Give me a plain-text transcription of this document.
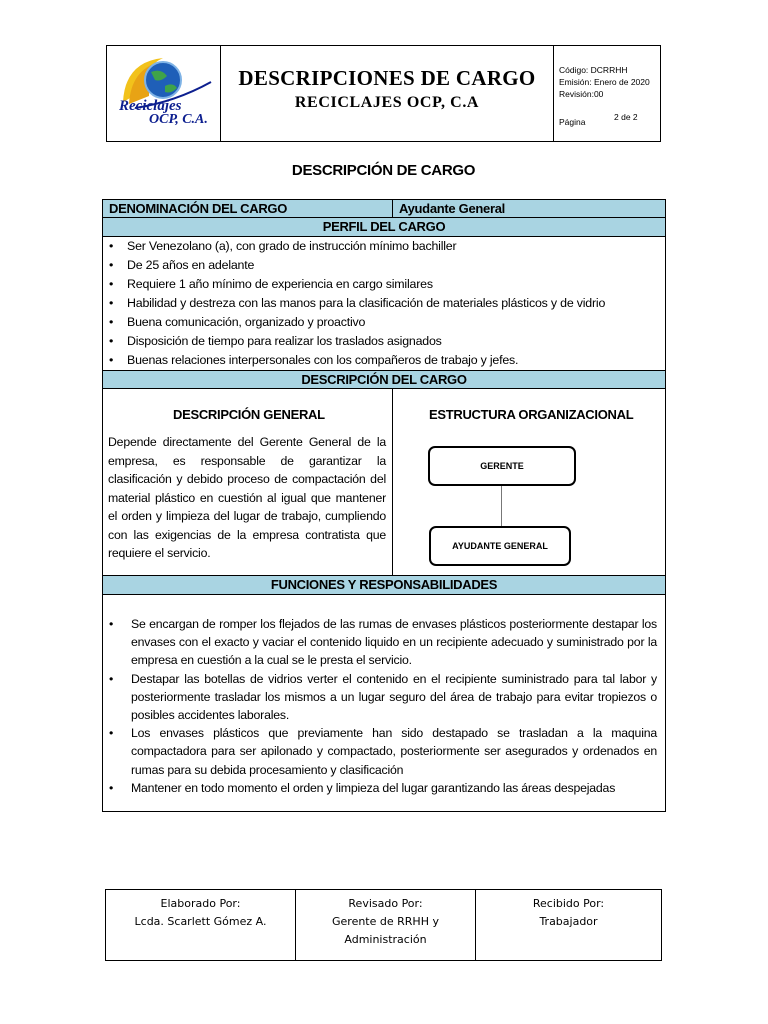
Reciclajes
OCP, C.A.
DESCRIPCIONES DE CARGO
RECICLAJES OCP, C.A
Código: DCRRHH
Emisión: Enero de 2020
Revisión:00
Página	2 de 2
DESCRIPCIÓN DE CARGO
DENOMINACIÓN DEL CARGO	Ayudante General
PERFIL DEL CARGO
• Ser Venezolano (a), con grado de instrucción mínimo bachiller
• De 25 años en adelante
• Requiere 1 año mínimo de experiencia en cargo similares
• Habilidad y destreza con las manos para la clasificación de materiales plásticos y de vidrio
• Buena comunicación, organizado y proactivo
• Disposición de tiempo para realizar los traslados asignados
• Buenas relaciones interpersonales con los compañeros de trabajo y jefes.
DESCRIPCIÓN DEL CARGO
DESCRIPCIÓN GENERAL
Depende directamente del Gerente General de la empresa, es responsable de garantizar la clasificación y debido proceso de compactación del material plástico en cuestión al igual que mantener el orden y limpieza del lugar de trabajo, cumpliendo con las exigencias de la empresa contratista que requiere el servicio.
ESTRUCTURA ORGANIZACIONAL
GERENTE
AYUDANTE GENERAL
FUNCIONES Y RESPONSABILIDADES
• Se encargan de romper los flejados de las rumas de envases plásticos posteriormente destapar los envases con el exacto y vaciar el contenido liquido en un recipiente adecuado y suministrado por la empresa en cuestión a la cual se le presta el servicio.
• Destapar las botellas de vidrios verter el contenido en el recipiente suministrado para tal labor y posteriormente trasladar los mismos a un lugar seguro del área de trabajo para evitar tropiezos o posibles accidentes laborales.
• Los envases plásticos que previamente han sido destapado se trasladan a la maquina compactadora para ser apilonado y compactado, posteriormente ser asegurados y ordenados en rumas para su debida procesamiento y clasificación
• Mantener en todo momento el orden y limpieza del lugar garantizando las áreas despejadas
Elaborado Por:
Lcda. Scarlett Gómez A.
Revisado Por:
Gerente de RRHH y
Administración
Recibido Por:
Trabajador
